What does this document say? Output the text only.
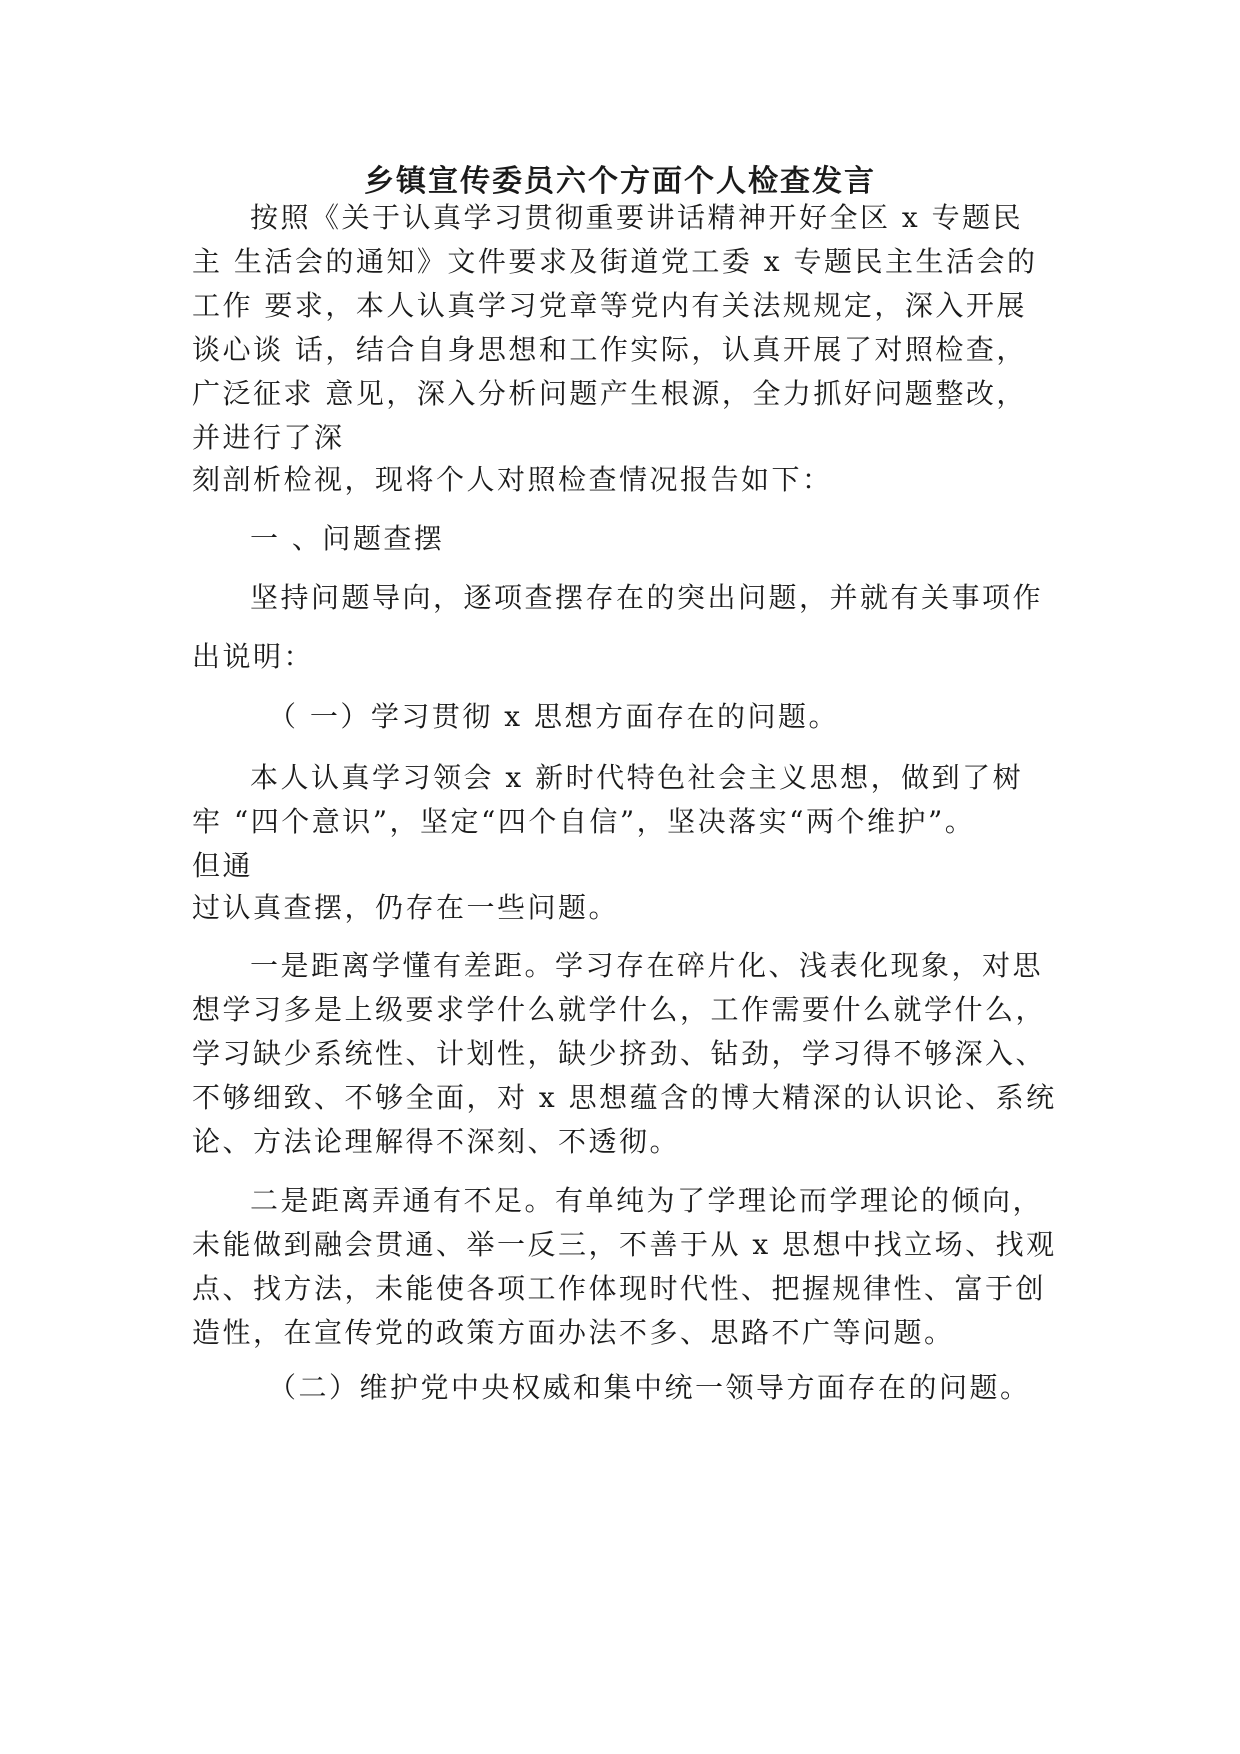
乡镇宣传委员六个方面个人检查发言
按照《关于认真学习贯彻重要讲话精神开好全区 x 专题民
主 生活会的通知》文件要求及街道党工委 x 专题民主生活会的
工作 要求，本人认真学习党章等党内有关法规规定，深入开展
谈心谈 话，结合自身思想和工作实际，认真开展了对照检查，
广泛征求 意见，深入分析问题产生根源，全力抓好问题整改，
并进行了深
刻剖析检视，现将个人对照检查情况报告如下：
一 、问题查摆
坚持问题导向，逐项查摆存在的突出问题，并就有关事项作
出说明：
（ 一）学习贯彻 x 思想方面存在的问题。
本人认真学习领会 x 新时代特色社会主义思想，做到了树
牢 “四个意识”，坚定“四个自信”，坚决落实“两个维护”。
但通
过认真查摆，仍存在一些问题。
一是距离学懂有差距。学习存在碎片化、浅表化现象，对思
想学习多是上级要求学什么就学什么，工作需要什么就学什么，
学习缺少系统性、计划性，缺少挤劲、钻劲，学习得不够深入、
不够细致、不够全面，对 x 思想蕴含的博大精深的认识论、系统
论、方法论理解得不深刻、不透彻。
二是距离弄通有不足。有单纯为了学理论而学理论的倾向，
未能做到融会贯通、举一反三，不善于从 x 思想中找立场、找观
点、找方法，未能使各项工作体现时代性、把握规律性、富于创
造性，在宣传党的政策方面办法不多、思路不广等问题。
（二）维护党中央权威和集中统一领导方面存在的问题。
